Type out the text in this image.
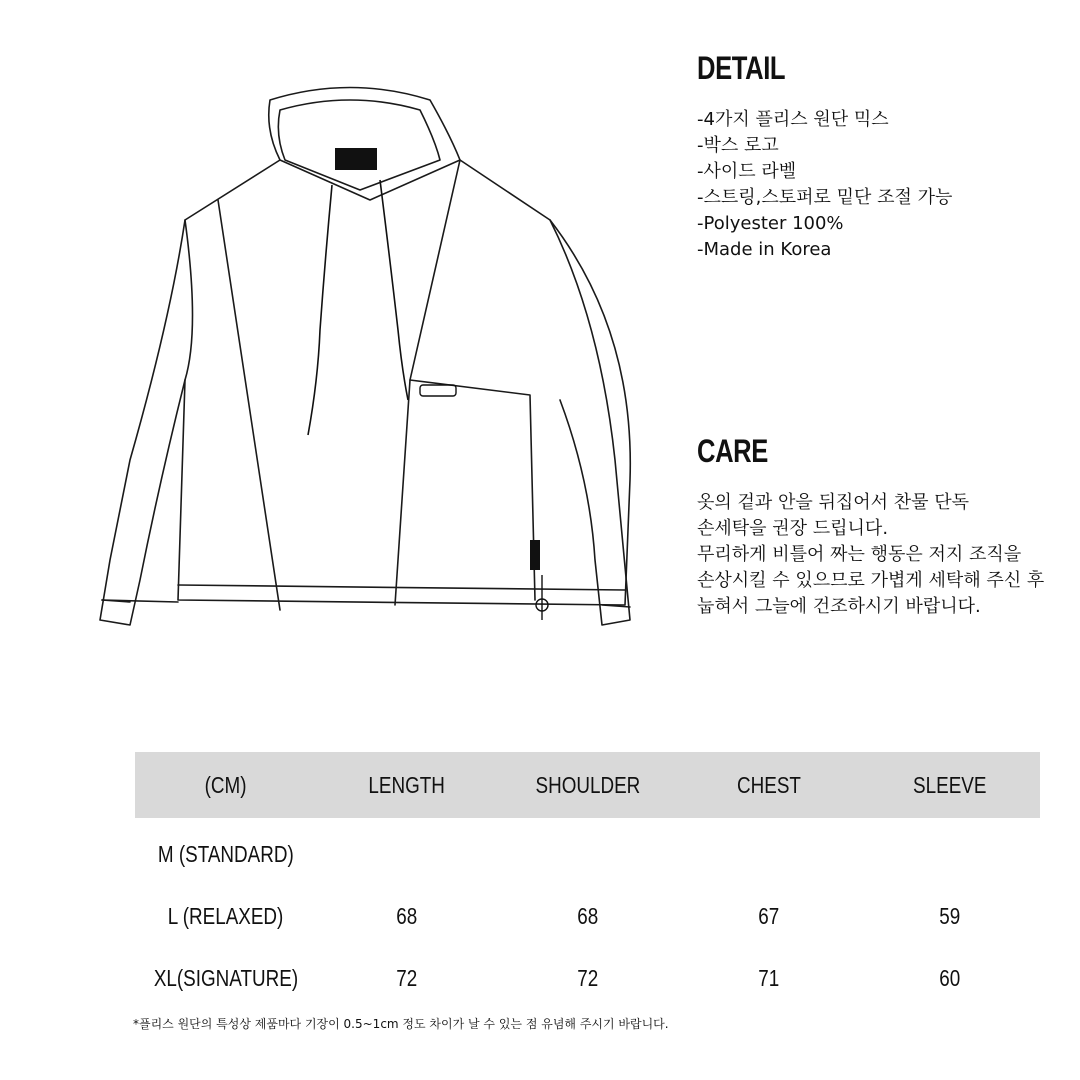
DETAIL
-4가지 플리스 원단 믹스
-박스 로고
-사이드 라벨
-스트링,스토퍼로 밑단 조절 가능
-Polyester 100%
-Made in Korea
CARE
옷의 겉과 안을 뒤집어서 찬물 단독
손세탁을 권장 드립니다.
무리하게 비틀어 짜는 행동은 저지 조직을
손상시킬 수 있으므로 가볍게 세탁해 주신 후
눕혀서 그늘에 건조하시기 바랍니다.
(CM)	LENGTH	SHOULDER	CHEST	SLEEVE
M (STANDARD)				
L (RELAXED)	68	68	67	59
XL(SIGNATURE)	72	72	71	60
*플리스 원단의 특성상 제품마다 기장이 0.5~1cm 정도 차이가 날 수 있는 점 유념해 주시기 바랍니다.
